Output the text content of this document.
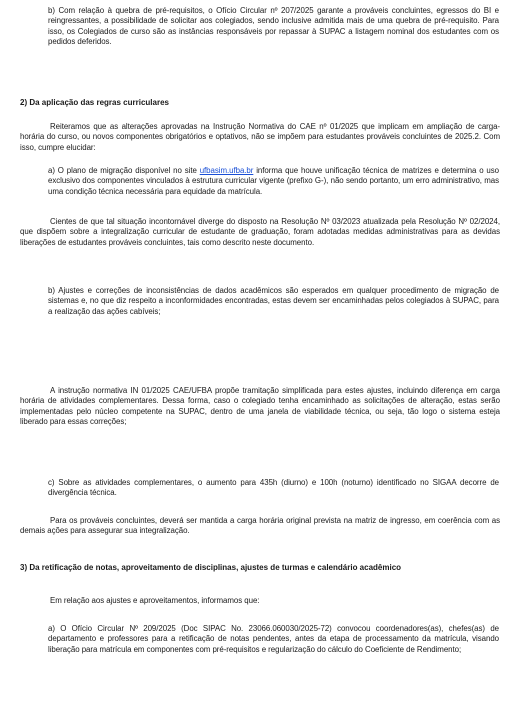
b) Com relação à quebra de pré-requisitos, o Ofício Circular nº 207/2025 garante a prováveis concluintes, egressos do BI e reingressantes, a possibilidade de solicitar aos colegiados, sendo inclusive admitida mais de uma quebra de pré-requisito. Para isso, os Colegiados de curso são as instâncias responsáveis por repassar à SUPAC a listagem nominal dos estudantes com os pedidos deferidos.

2) Da aplicação das regras curriculares

Reiteramos que as alterações aprovadas na Instrução Normativa do CAE nº 01/2025 que implicam em ampliação de carga-horária do curso, ou novos componentes obrigatórios e optativos, não se impõem para estudantes prováveis concluintes de 2025.2. Com isso, cumpre elucidar:

a) O plano de migração disponível no site ufbasim.ufba.br informa que houve unificação técnica de matrizes e determina o uso exclusivo dos componentes vinculados à estrutura curricular vigente (prefixo G-), não sendo portanto, um erro administrativo, mas uma condição técnica necessária para equidade da matrícula.

Cientes de que tal situação incontornável diverge do disposto na Resolução Nº 03/2023 atualizada pela Resolução Nº 02/2024, que dispõem sobre a integralização curricular de estudante de graduação, foram adotadas medidas administrativas para as devidas liberações de estudantes prováveis concluintes, tais como descrito neste documento.

b) Ajustes e correções de inconsistências de dados acadêmicos são esperados em qualquer procedimento de migração de sistemas e, no que diz respeito a inconformidades encontradas, estas devem ser encaminhadas pelos colegiados à SUPAC, para a realização das ações cabíveis;

A instrução normativa IN 01/2025 CAE/UFBA propõe tramitação simplificada para estes ajustes, incluindo diferença em carga horária de atividades complementares. Dessa forma, caso o colegiado tenha encaminhado as solicitações de alteração, estas serão implementadas pelo núcleo competente na SUPAC, dentro de uma janela de viabilidade técnica, ou seja, tão logo o sistema esteja liberado para essas correções;

c) Sobre as atividades complementares, o aumento para 435h (diurno) e 100h (noturno) identificado no SIGAA decorre de divergência técnica.

Para os prováveis concluintes, deverá ser mantida a carga horária original prevista na matriz de ingresso, em coerência com as demais ações para assegurar sua integralização.

3) Da retificação de notas, aproveitamento de disciplinas, ajustes de turmas e calendário acadêmico

Em relação aos ajustes e aproveitamentos, informamos que:

a) O Ofício Circular Nº 209/2025 (Doc SIPAC No. 23066.060030/2025-72) convocou coordenadores(as), chefes(as) de departamento e professores para a retificação de notas pendentes, antes da etapa de processamento da matrícula, visando liberação para matrícula em componentes com pré-requisitos e regularização do cálculo do Coeficiente de Rendimento;
